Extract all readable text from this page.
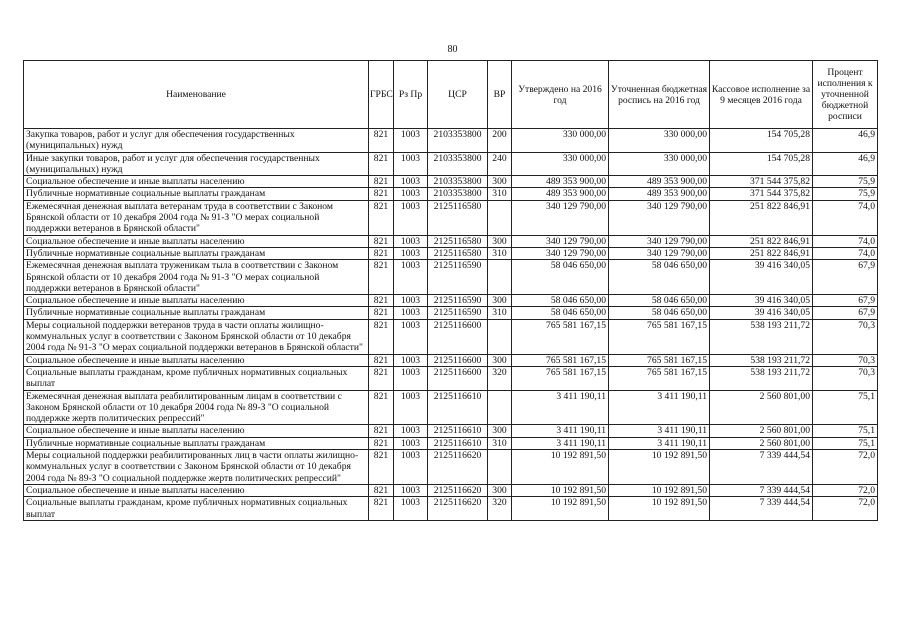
80
Наименование	ГРБС	Рз Пр	ЦСР	ВР	Утверждено на 2016 год	Уточненная бюджетная роспись на 2016 год	Кассовое исполнение за 9 месяцев 2016 года	Процент исполнения к уточненной бюджетной росписи
Закупка товаров, работ и услуг для обеспечения государственных (муниципальных) нужд	821	1003	2103353800	200	330 000,00	330 000,00	154 705,28	46,9
Иные закупки товаров, работ и услуг для обеспечения государственных (муниципальных) нужд	821	1003	2103353800	240	330 000,00	330 000,00	154 705,28	46,9
Социальное обеспечение и иные выплаты населению	821	1003	2103353800	300	489 353 900,00	489 353 900,00	371 544 375,82	75,9
Публичные нормативные социальные выплаты гражданам	821	1003	2103353800	310	489 353 900,00	489 353 900,00	371 544 375,82	75,9
Ежемесячная денежная выплата ветеранам труда в соответствии с Законом Брянской области от 10 декабря 2004 года № 91-З "О мерах социальной поддержки ветеранов в Брянской области"	821	1003	2125116580		340 129 790,00	340 129 790,00	251 822 846,91	74,0
Социальное обеспечение и иные выплаты населению	821	1003	2125116580	300	340 129 790,00	340 129 790,00	251 822 846,91	74,0
Публичные нормативные социальные выплаты гражданам	821	1003	2125116580	310	340 129 790,00	340 129 790,00	251 822 846,91	74,0
Ежемесячная денежная выплата труженикам тыла в соответствии с Законом Брянской области от 10 декабря 2004 года № 91-З "О мерах социальной поддержки ветеранов в Брянской области"	821	1003	2125116590		58 046 650,00	58 046 650,00	39 416 340,05	67,9
Социальное обеспечение и иные выплаты населению	821	1003	2125116590	300	58 046 650,00	58 046 650,00	39 416 340,05	67,9
Публичные нормативные социальные выплаты гражданам	821	1003	2125116590	310	58 046 650,00	58 046 650,00	39 416 340,05	67,9
Меры социальной поддержки ветеранов труда в части оплаты жилищно-коммунальных услуг в соответствии с Законом Брянской области от 10 декабря 2004 года № 91-З "О мерах социальной поддержки ветеранов в Брянской области"	821	1003	2125116600		765 581 167,15	765 581 167,15	538 193 211,72	70,3
Социальное обеспечение и иные выплаты населению	821	1003	2125116600	300	765 581 167,15	765 581 167,15	538 193 211,72	70,3
Социальные выплаты гражданам, кроме публичных нормативных социальных выплат	821	1003	2125116600	320	765 581 167,15	765 581 167,15	538 193 211,72	70,3
Ежемесячная денежная выплата реабилитированным лицам в соответствии с Законом Брянской области от 10 декабря 2004 года № 89-З "О социальной поддержке жертв политических репрессий"	821	1003	2125116610		3 411 190,11	3 411 190,11	2 560 801,00	75,1
Социальное обеспечение и иные выплаты населению	821	1003	2125116610	300	3 411 190,11	3 411 190,11	2 560 801,00	75,1
Публичные нормативные социальные выплаты гражданам	821	1003	2125116610	310	3 411 190,11	3 411 190,11	2 560 801,00	75,1
Меры социальной поддержки реабилитированных лиц в части оплаты жилищно-коммунальных услуг в соответствии с Законом Брянской области от 10 декабря 2004 года № 89-З "О социальной поддержке жертв политических репрессий"	821	1003	2125116620		10 192 891,50	10 192 891,50	7 339 444,54	72,0
Социальное обеспечение и иные выплаты населению	821	1003	2125116620	300	10 192 891,50	10 192 891,50	7 339 444,54	72,0
Социальные выплаты гражданам, кроме публичных нормативных социальных выплат	821	1003	2125116620	320	10 192 891,50	10 192 891,50	7 339 444,54	72,0
